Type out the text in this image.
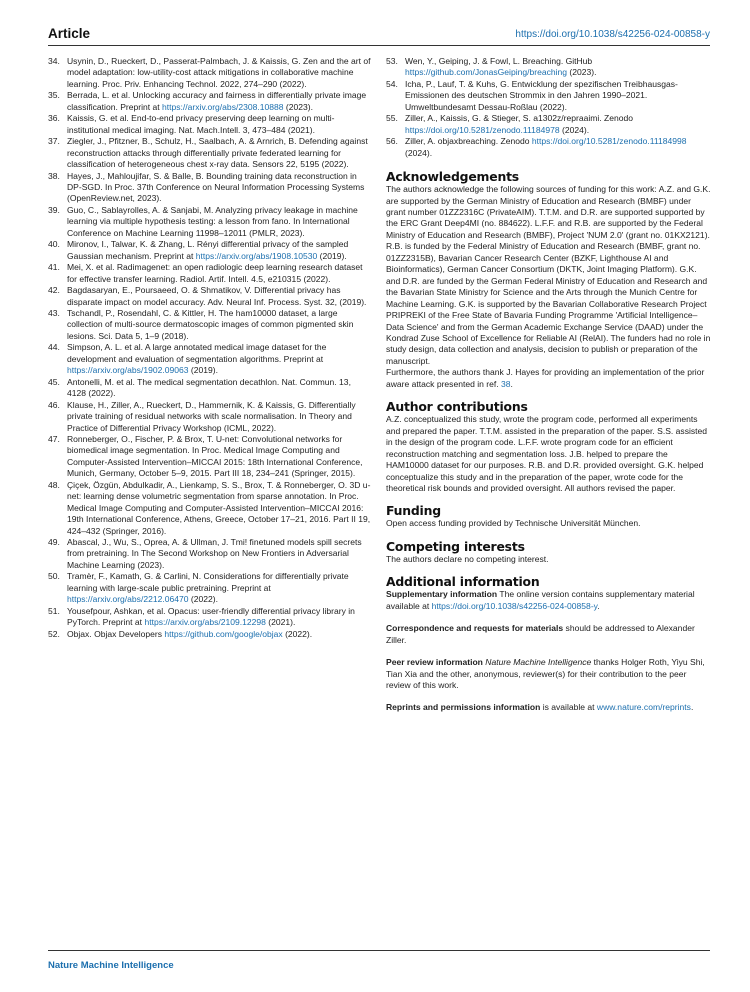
Article	https://doi.org/10.1038/s42256-024-00858-y
34. Usynin, D., Rueckert, D., Passerat-Palmbach, J. & Kaissis, G. Zen and the art of model adaptation: low-utility-cost attack mitigations in collaborative machine learning. Proc. Priv. Enhancing Technol. 2022, 274–290 (2022).
35. Berrada, L. et al. Unlocking accuracy and fairness in differentially private image classification. Preprint at https://arxiv.org/abs/2308.10888 (2023).
36. Kaissis, G. et al. End-to-end privacy preserving deep learning on multi-institutional medical imaging. Nat. Mach.Intell. 3, 473–484 (2021).
37. Ziegler, J., Pfitzner, B., Schulz, H., Saalbach, A. & Arnrich, B. Defending against reconstruction attacks through differentially private federated learning for classification of heterogeneous chest x-ray data. Sensors 22, 5195 (2022).
38. Hayes, J., Mahloujifar, S. & Balle, B. Bounding training data reconstruction in DP-SGD. In Proc. 37th Conference on Neural Information Processing Systems (OpenReview.net, 2023).
39. Guo, C., Sablayrolles, A. & Sanjabi, M. Analyzing privacy leakage in machine learning via multiple hypothesis testing: a lesson from fano. In International Conference on Machine Learning 11998–12011 (PMLR, 2023).
40. Mironov, I., Talwar, K. & Zhang, L. Rényi differential privacy of the sampled Gaussian mechanism. Preprint at https://arxiv.org/abs/1908.10530 (2019).
41. Mei, X. et al. Radimagenet: an open radiologic deep learning research dataset for effective transfer learning. Radiol. Artif. Intell. 4.5, e210315 (2022).
42. Bagdasaryan, E., Poursaeed, O. & Shmatikov, V. Differential privacy has disparate impact on model accuracy. Adv. Neural Inf. Process. Syst. 32, (2019).
43. Tschandl, P., Rosendahl, C. & Kittler, H. The ham10000 dataset, a large collection of multi-source dermatoscopic images of common pigmented skin lesions. Sci. Data 5, 1–9 (2018).
44. Simpson, A. L. et al. A large annotated medical image dataset for the development and evaluation of segmentation algorithms. Preprint at https://arxiv.org/abs/1902.09063 (2019).
45. Antonelli, M. et al. The medical segmentation decathlon. Nat. Commun. 13, 4128 (2022).
46. Klause, H., Ziller, A., Rueckert, D., Hammernik, K. & Kaissis, G. Differentially private training of residual networks with scale normalisation. In Theory and Practice of Differential Privacy Workshop (ICML, 2022).
47. Ronneberger, O., Fischer, P. & Brox, T. U-net: Convolutional networks for biomedical image segmentation. In Proc. Medical Image Computing and Computer-Assisted Intervention–MICCAI 2015: 18th International Conference, Munich, Germany, October 5–9, 2015. Part III 18, 234–241 (Springer, 2015).
48. Çiçek, Özgün, Abdulkadir, A., Lienkamp, S. S., Brox, T. & Ronneberger, O. 3D u-net: learning dense volumetric segmentation from sparse annotation. In Proc. Medical Image Computing and Computer-Assisted Intervention–MICCAI 2016: 19th International Conference, Athens, Greece, October 17–21, 2016. Part II 19, 424–432 (Springer, 2016).
49. Abascal, J., Wu, S., Oprea, A. & Ullman, J. Tmi! finetuned models spill secrets from pretraining. In The Second Workshop on New Frontiers in Adversarial Machine Learning (2023).
50. Tramèr, F., Kamath, G. & Carlini, N. Considerations for differentially private learning with large-scale public pretraining. Preprint at https://arxiv.org/abs/2212.06470 (2022).
51. Yousefpour, Ashkan, et al. Opacus: user-friendly differential privacy library in PyTorch. Preprint at https://arxiv.org/abs/2109.12298 (2021).
52. Objax. Objax Developers https://github.com/google/objax (2022).
53. Wen, Y., Geiping, J. & Fowl, L. Breaching. GitHub https://github.com/JonasGeiping/breaching (2023).
54. Icha, P., Lauf, T. & Kuhs, G. Entwicklung der spezifischen Treibhausgas-Emissionen des deutschen Strommix in den Jahren 1990–2021. Umweltbundesamt Dessau-Roßlau (2022).
55. Ziller, A., Kaissis, G. & Stieger, S. a1302z/repraaimi. Zenodo https://doi.org/10.5281/zenodo.11184978 (2024).
56. Ziller, A. objaxbreaching. Zenodo https://doi.org/10.5281/zenodo.11184998 (2024).
Acknowledgements

The authors acknowledge the following sources of funding for this work: A.Z. and G.K. are supported by the German Ministry of Education and Research (BMBF) under grant number 01ZZ2316C (PrivateAIM). T.T.M. and D.R. are supported supported by the ERC Grant Deep4MI (no. 884622). L.F.F. and R.B. are supported by the Federal Ministry of Education and Research (BMBF), Project 'NUM 2.0' (grant no. 01KX2121). R.B. is funded by the Federal Ministry of Education and Research (BMBF, grant no. 01ZZ2315B), Bavarian Cancer Research Center (BZKF, Lighthouse AI and Bioinformatics), German Cancer Consortium (DKTK, Joint Imaging Platform). G.K. and D.R. are funded by the German Federal Ministry of Education and Research and the Bavarian State Ministry for Science and the Arts through the Munich Centre for Machine Learning. G.K. is supported by the Bavarian Collaborative Research Project PRIPREKI of the Free State of Bavaria Funding Programme 'Artificial Intelligence–Data Science' and from the German Academic Exchange Service (DAAD) under the Kondrad Zuse School of Excellence for Reliable AI (RelAI). The funders had no role in study design, data collection and analysis, decision to publish or preparation of the manuscript.

Furthermore, the authors thank J. Hayes for providing an implementation of the prior aware attack presented in ref. 38.

Author contributions

A.Z. conceptualized this study, wrote the program code, performed all experiments and prepared the paper. T.T.M. assisted in the preparation of the paper. S.S. assisted in the design of the program code. L.F.F. wrote program code for an efficient reconstruction matching and segmentation loss. J.B. helped to prepare the HAM10000 dataset for our purposes. R.B. and D.R. provided oversight. G.K. helped conceptualize this study and in the preparation of the paper, wrote code for the theoretical risk bounds and provided oversight. All authors revised the paper.

Funding

Open access funding provided by Technische Universität München.

Competing interests

The authors declare no competing interest.

Additional information

Supplementary information The online version contains supplementary material available at https://doi.org/10.1038/s42256-024-00858-y.

Correspondence and requests for materials should be addressed to Alexander Ziller.

Peer review information Nature Machine Intelligence thanks Holger Roth, Yiyu Shi, Tian Xia and the other, anonymous, reviewer(s) for their contribution to the peer review of this work.

Reprints and permissions information is available at www.nature.com/reprints.

Nature Machine Intelligence
